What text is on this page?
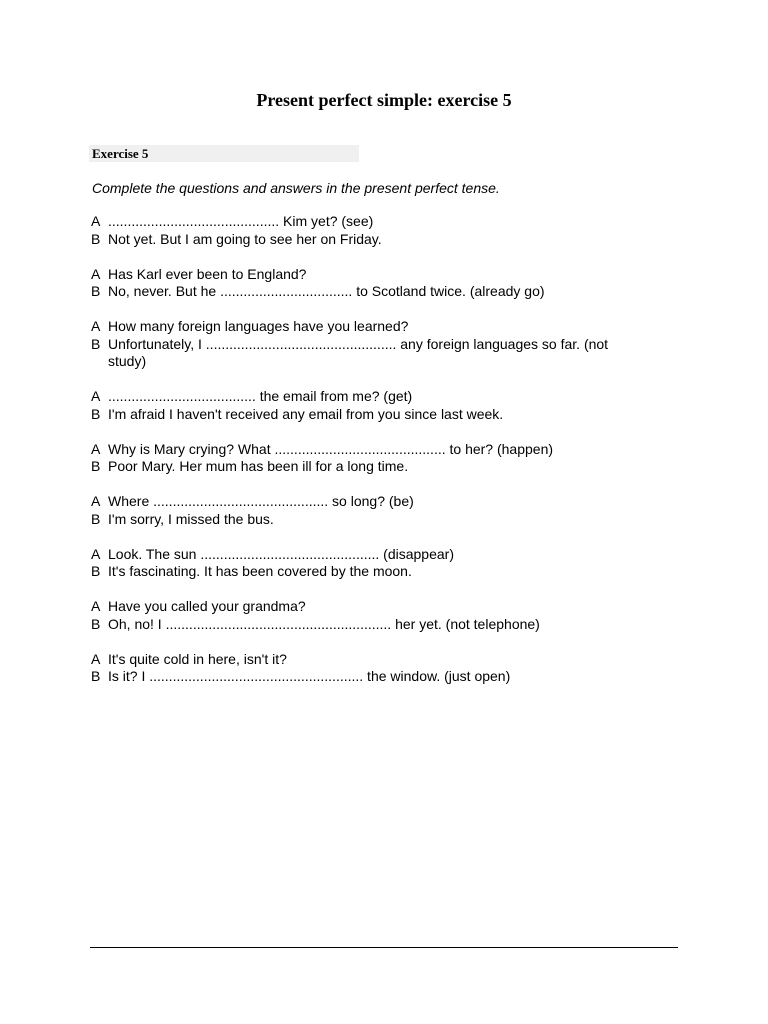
Present perfect simple: exercise 5
Exercise 5

Complete the questions and answers in the present perfect tense.

A ............................................ Kim yet? (see)
B Not yet. But I am going to see her on Friday.
A Has Karl ever been to England?
B No, never. But he .................................. to Scotland twice. (already go)
A How many foreign languages have you learned?
B Unfortunately, I ................................................. any foreign languages so far. (not study)
A ...................................... the email from me? (get)
B I'm afraid I haven't received any email from you since last week.
A Why is Mary crying? What ............................................ to her? (happen)
B Poor Mary. Her mum has been ill for a long time.
A Where ............................................. so long? (be)
B I'm sorry, I missed the bus.
A Look. The sun .............................................. (disappear)
B It's fascinating. It has been covered by the moon.
A Have you called your grandma?
B Oh, no! I .......................................................... her yet. (not telephone)
A It's quite cold in here, isn't it?
B Is it? I ....................................................... the window. (just open)
